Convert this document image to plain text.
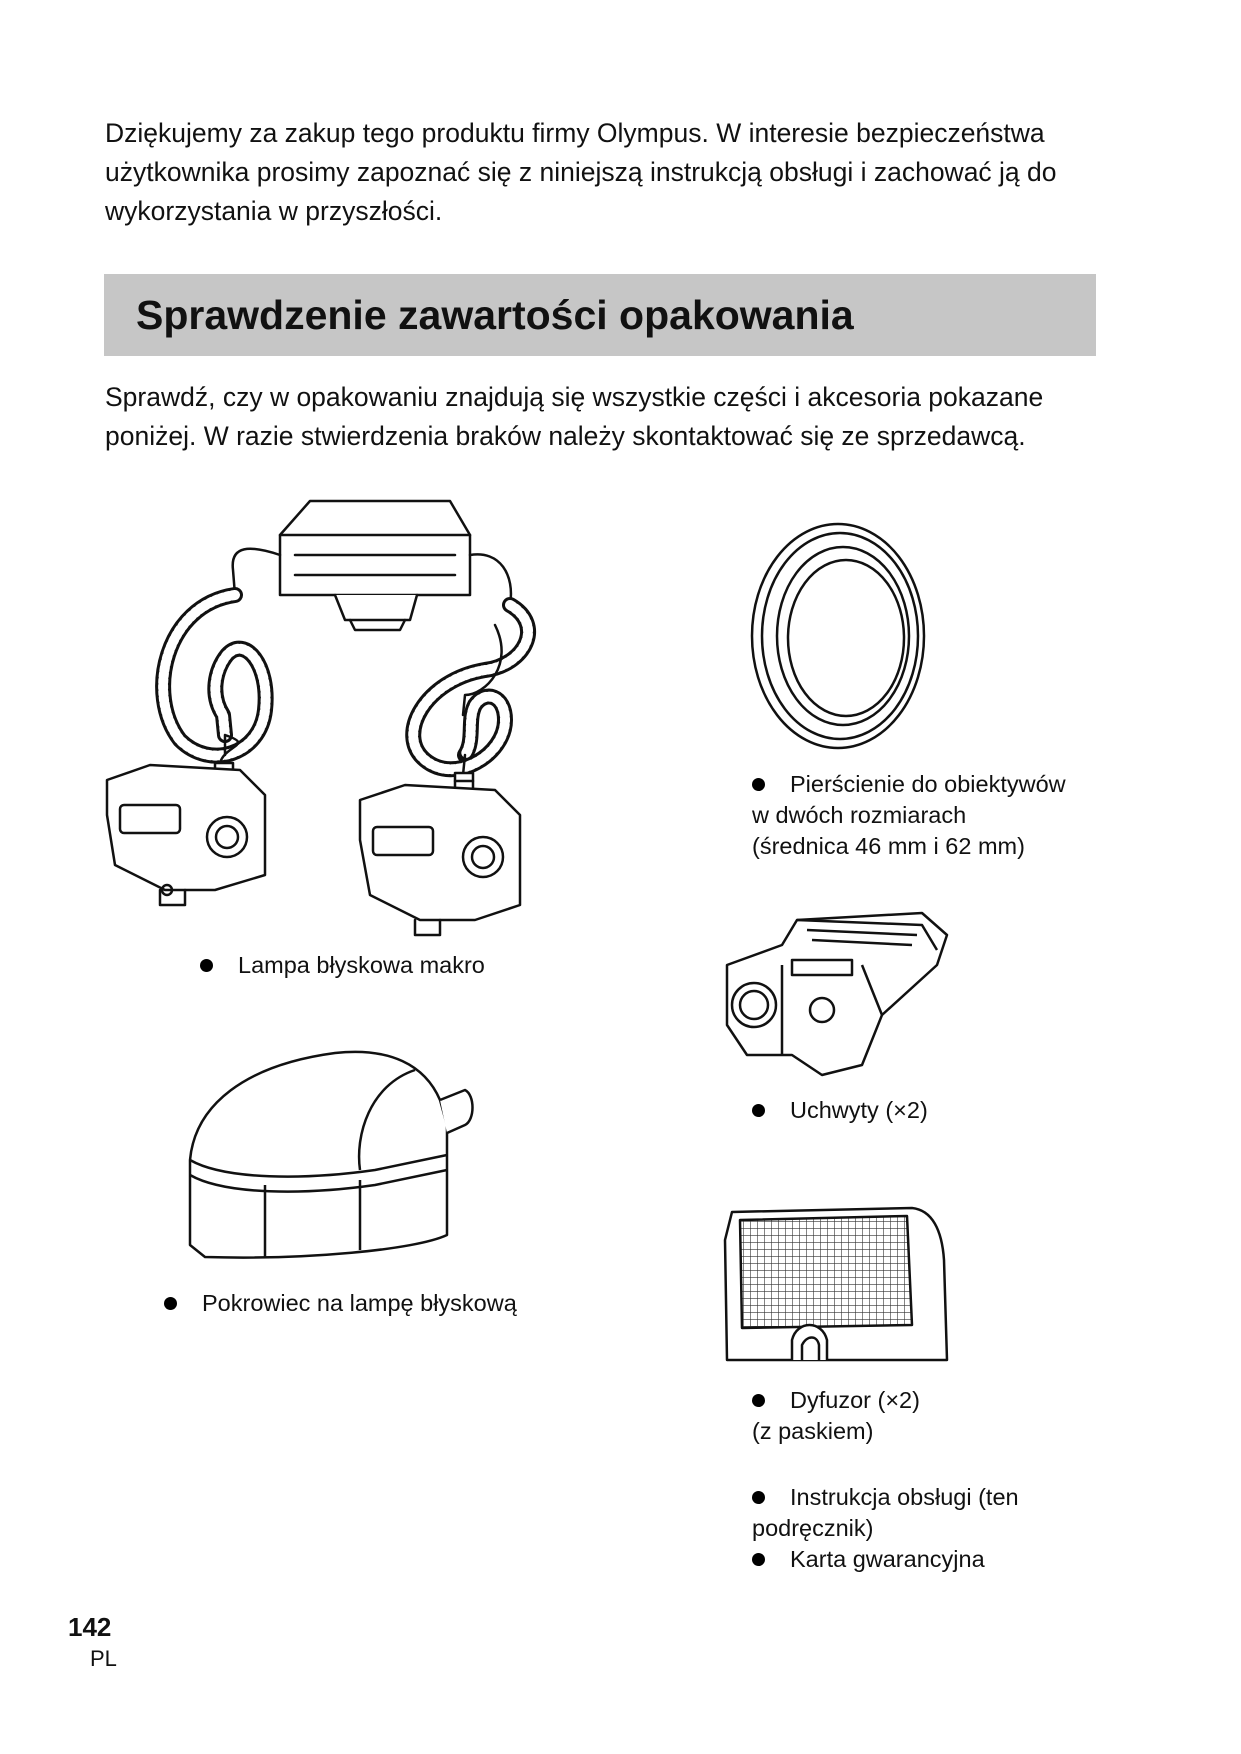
Dziękujemy za zakup tego produktu firmy Olympus. W interesie bezpieczeństwa
użytkownika prosimy zapoznać się z niniejszą instrukcją obsługi i zachować ją do
wykorzystania w przyszłości.

Sprawdzenie zawartości opakowania

Sprawdź, czy w opakowaniu znajdują się wszystkie części i akcesoria pokazane
poniżej. W razie stwierdzenia braków należy skontaktować się ze sprzedawcą.

Lampa błyskowa makro
Pokrowiec na lampę błyskową
Pierścienie do obiektywów
w dwóch rozmiarach
(średnica 46 mm i 62 mm)
Uchwyty (×2)
Dyfuzor (×2)
(z paskiem)
Instrukcja obsługi (ten
podręcznik)
Karta gwarancyjna
142
PL
